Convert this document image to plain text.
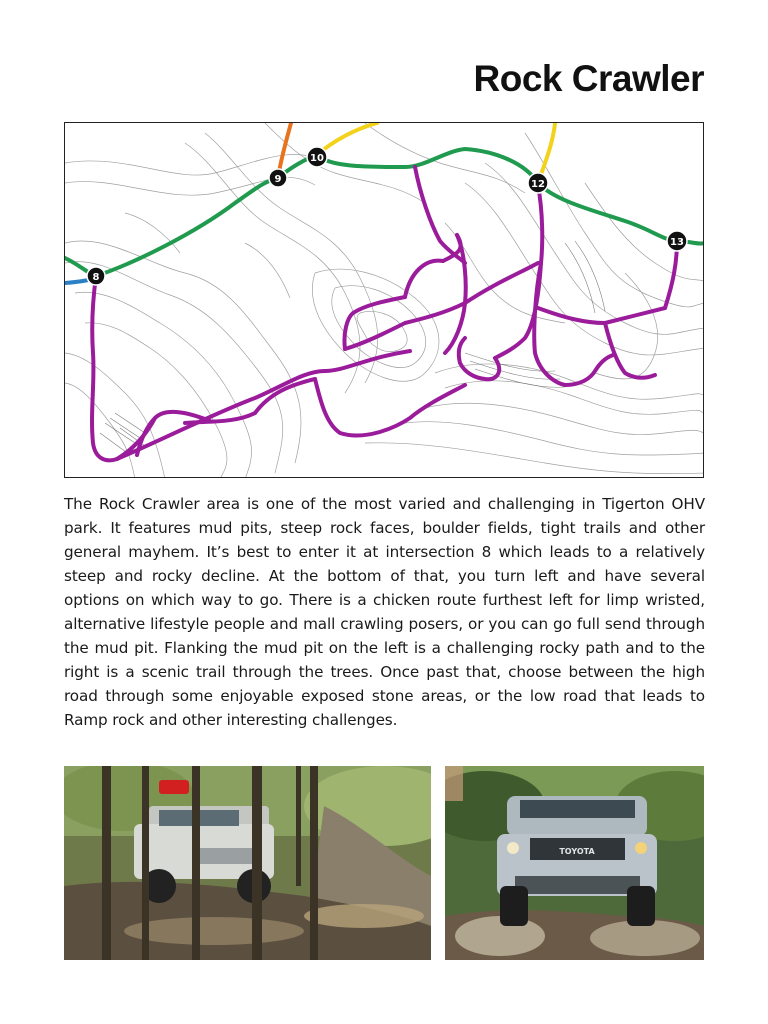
Rock Crawler
8
9
10
12
13

The Rock Crawler area is one of the most varied and challenging in Tigerton OHV park. It features mud pits, steep rock faces, boulder fields, tight trails and other general mayhem. It’s best to enter it at intersection 8 which leads to a relatively steep and rocky decline. At the bottom of that, you turn left and have several options on which way to go. There is a chicken route furthest left for limp wristed, alternative lifestyle people and mall crawling posers, or you can go full send through the mud pit. Flanking the mud pit on the left is a challenging rocky path and to the right is a scenic trail through the trees. Once past that, choose between the high road through some enjoyable exposed stone areas, or the low road that leads to Ramp rock and other interesting challenges.

TOYOTA
